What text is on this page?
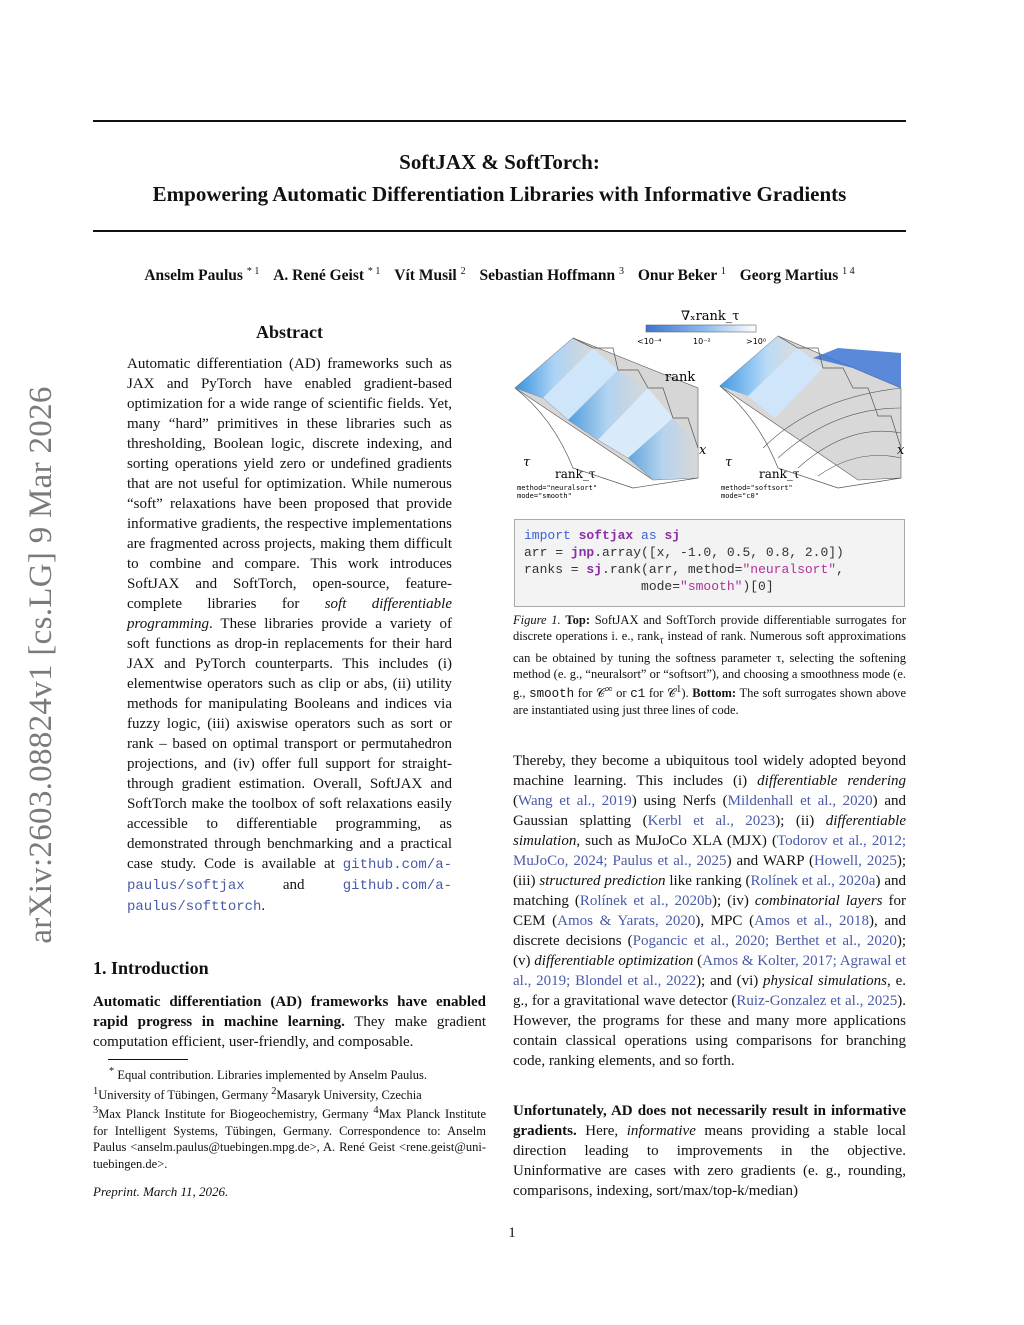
SoftJAX & SoftTorch:
Empowering Automatic Differentiation Libraries with Informative Gradients
Anselm Paulus $^{* 1}$ A. René Geist $^{* 1}$ Vít Musil $^2$ Sebastian Hoffmann $^3$ Onur Beker $^1$ Georg Martius $^{1 4}$
arXiv:2603.08824v1 [cs.LG] 9 Mar 2026
Abstract
Automatic differentiation (AD) frameworks such as JAX and PyTorch have enabled gradient-based optimization for a wide range of scientific fields. Yet, many “hard” primitives in these libraries such as thresholding, Boolean logic, discrete indexing, and sorting operations yield zero or undefined gradients that are not useful for optimization. While numerous “soft” relaxations have been proposed that provide informative gradients, the respective implementations are fragmented across projects, making them difficult to combine and compare. This work introduces SoftJAX and SoftTorch, open-source, feature-complete libraries for soft differentiable programming. These libraries provide a variety of soft functions as drop-in replacements for their hard JAX and PyTorch counterparts. This includes (i) elementwise operators such as clip or abs, (ii) utility methods for manipulating Booleans and indices via fuzzy logic, (iii) axiswise operators such as sort or rank – based on optimal transport or permutahedron projections, and (iv) offer full support for straight-through gradient estimation. Overall, SoftJAX and SoftTorch make the toolbox of soft relaxations easily accessible to differentiable programming, as demonstrated through benchmarking and a practical case study. Code is available at github.com/a-paulus/softjax and github.com/a-paulus/softtorch.
1. Introduction
Automatic differentiation (AD) frameworks have enabled rapid progress in machine learning. They make gradient computation efficient, user-friendly, and composable.
* Equal contribution. Libraries implemented by Anselm Paulus.
$^1$University of Tübingen, Germany $^2$Masaryk University, Czechia
$^3$Max Planck Institute for Biogeochemistry, Germany $^4$Max Planck Institute for Intelligent Systems, Tübingen, Germany. Correspondence to: Anselm Paulus <anselm.paulus@tuebingen.mpg.de>, A. René Geist <rene.geist@uni-tuebingen.de>.
Preprint. March 11, 2026.
∇ₓrank_τ
<10⁻⁴	10⁻²	>10⁰
rank
τ
x
rank_τ
method="neuralsort"
mode="smooth"
τ
x
rank_τ
method="softsort"
mode="c0"
import softjax as sj
arr = jnp.array([x, -1.0, 0.5, 0.8, 2.0])
ranks = sj.rank(arr, method="neuralsort",
mode="smooth")[0]
Figure 1. Top: SoftJAX and SoftTorch provide differentiable surrogates for discrete operations i. e., rank$_\tau$ instead of rank. Numerous soft approximations can be obtained by tuning the softness parameter τ, selecting the softening method (e. g., “neuralsort” or “softsort”), and choosing a smoothness mode (e. g., smooth for 𝒞∞ or c1 for 𝒞$^1$). Bottom: The soft surrogates shown above are instantiated using just three lines of code.
Thereby, they become a ubiquitous tool widely adopted beyond machine learning. This includes (i) differentiable rendering (Wang et al., 2019) using Nerfs (Mildenhall et al., 2020) and Gaussian splatting (Kerbl et al., 2023); (ii) differentiable simulation, such as MuJoCo XLA (MJX) (Todorov et al., 2012; MuJoCo, 2024; Paulus et al., 2025) and WARP (Howell, 2025); (iii) structured prediction like ranking (Rolínek et al., 2020a) and matching (Rolínek et al., 2020b); (iv) combinatorial layers for CEM (Amos & Yarats, 2020), MPC (Amos et al., 2018), and discrete decisions (Pogancic et al., 2020; Berthet et al., 2020); (v) differentiable optimization (Amos & Kolter, 2017; Agrawal et al., 2019; Blondel et al., 2022); and (vi) physical simulations, e. g., for a gravitational wave detector (Ruiz-Gonzalez et al., 2025). However, the programs for these and many more applications contain classical operations using comparisons for branching code, ranking elements, and so forth.
Unfortunately, AD does not necessarily result in informative gradients. Here, informative means providing a stable local direction leading to improvements in the objective. Uninformative are cases with zero gradients (e. g., rounding, comparisons, indexing, sort/max/top-k/median)
1
